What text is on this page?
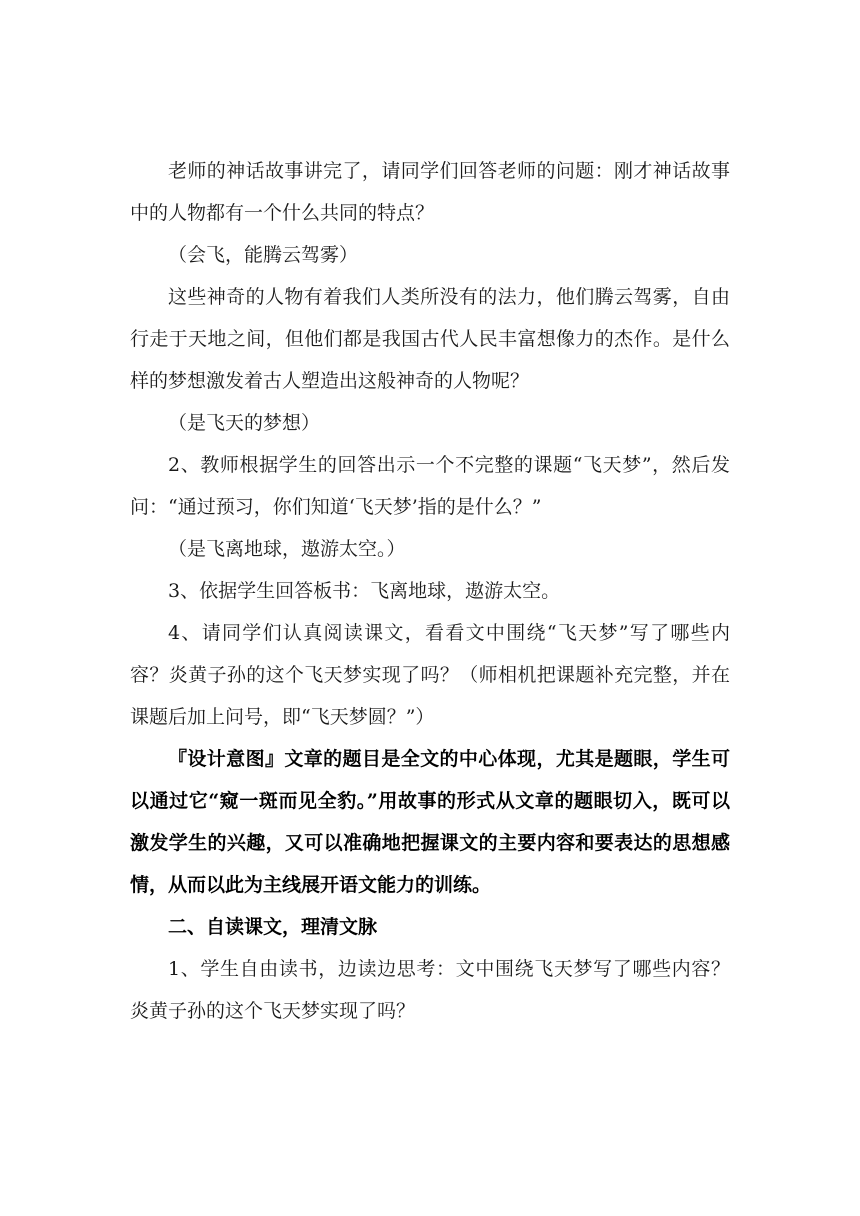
老师的神话故事讲完了，请同学们回答老师的问题：刚才神话故事中的人物都有一个什么共同的特点？

（会飞，能腾云驾雾）

这些神奇的人物有着我们人类所没有的法力，他们腾云驾雾，自由行走于天地之间，但他们都是我国古代人民丰富想像力的杰作。是什么样的梦想激发着古人塑造出这般神奇的人物呢？

（是飞天的梦想）

2、教师根据学生的回答出示一个不完整的课题“飞天梦”，然后发问：“通过预习，你们知道‘飞天梦’指的是什么？”

（是飞离地球，遨游太空。）

3、依据学生回答板书：飞离地球，遨游太空。

4、请同学们认真阅读课文，看看文中围绕“飞天梦”写了哪些内容？炎黄子孙的这个飞天梦实现了吗？（师相机把课题补充完整，并在课题后加上问号，即“飞天梦圆？”）

『设计意图』文章的题目是全文的中心体现，尤其是题眼，学生可以通过它“窥一斑而见全豹。”用故事的形式从文章的题眼切入，既可以激发学生的兴趣，又可以准确地把握课文的主要内容和要表达的思想感情，从而以此为主线展开语文能力的训练。

二、自读课文，理清文脉

1、学生自由读书，边读边思考：文中围绕飞天梦写了哪些内容？炎黄子孙的这个飞天梦实现了吗？
